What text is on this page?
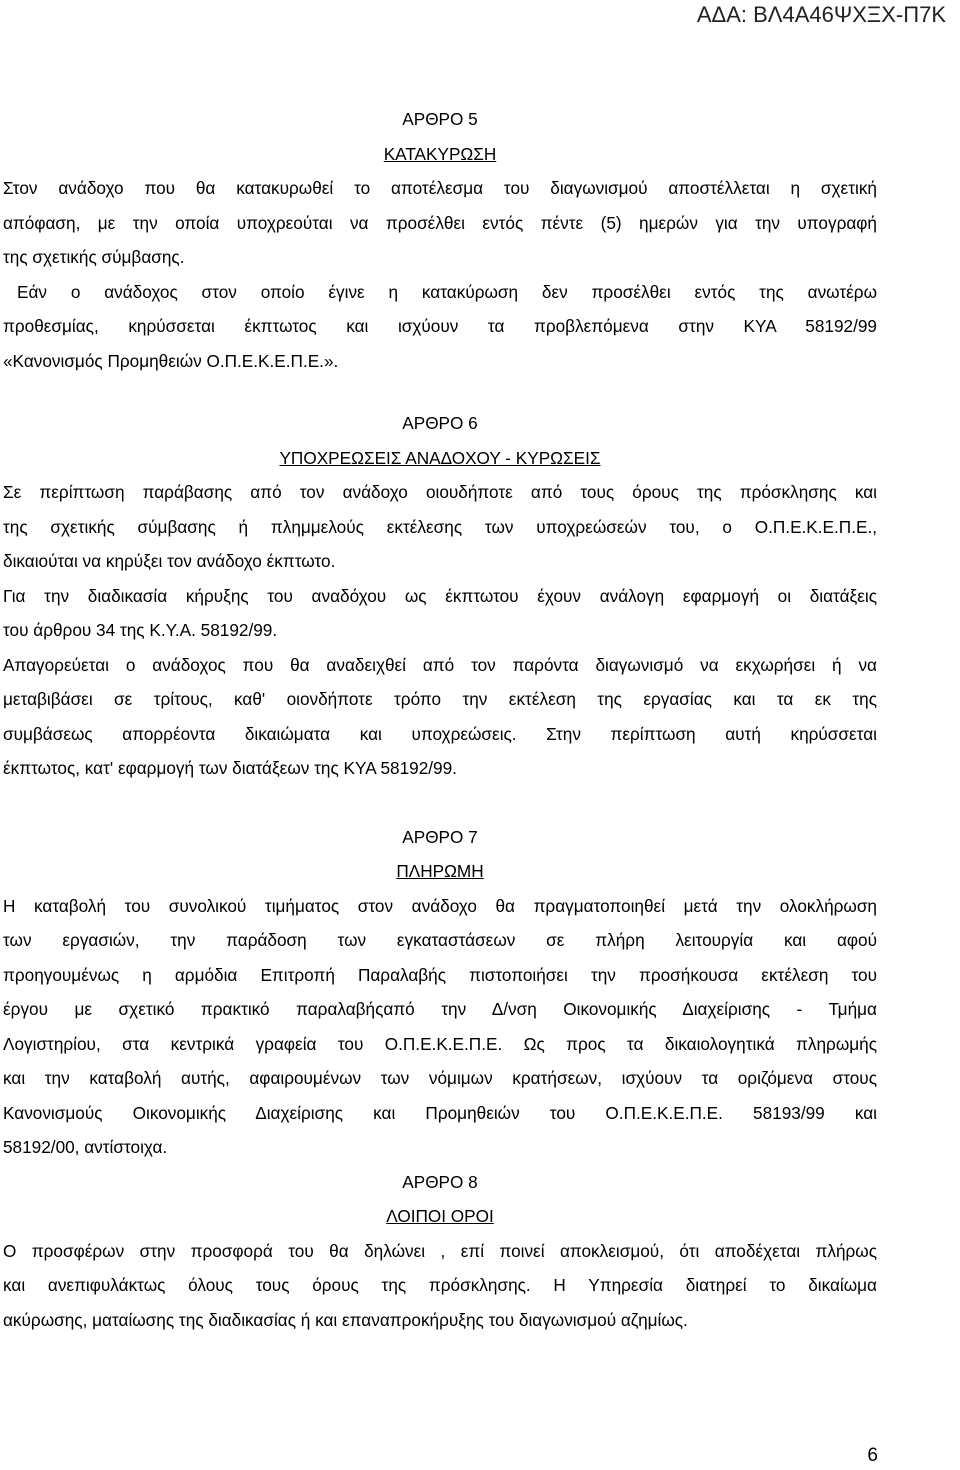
ΑΔΑ: ΒΛ4Α46ΨΧΞΧ-Π7Κ

ΑΡΘΡΟ 5

ΚΑΤΑΚΥΡΩΣΗ

Στον ανάδοχο που θα κατακυρωθεί το αποτέλεσμα του διαγωνισμού αποστέλλεται η σχετική
απόφαση, με την οποία υποχρεούται να προσέλθει εντός πέντε (5) ημερών για την υπογραφή
της σχετικής σύμβασης.

Εάν ο ανάδοχος στον οποίο έγινε η κατακύρωση δεν προσέλθει εντός της ανωτέρω

προθεσμίας, κηρύσσεται έκπτωτος και ισχύουν τα προβλεπόμενα στην ΚΥΑ 58192/99
«Κανονισμός Προμηθειών Ο.Π.Ε.Κ.Ε.Π.Ε.».

ΑΡΘΡΟ 6

ΥΠΟΧΡΕΩΣΕΙΣ ΑΝΑΔΟΧΟΥ - ΚΥΡΩΣΕΙΣ

Σε περίπτωση παράβασης από τον ανάδοχο οιουδήποτε από τους όρους της πρόσκλησης και
της σχετικής σύμβασης ή πλημμελούς εκτέλεσης των υποχρεώσεών του, ο Ο.Π.Ε.Κ.Ε.Π.Ε.,
δικαιούται να κηρύξει τον ανάδοχο έκπτωτο.

Για την διαδικασία κήρυξης του αναδόχου ως έκπτωτου έχουν ανάλογη εφαρμογή οι διατάξεις
του άρθρου 34 της Κ.Υ.Α. 58192/99.

Απαγορεύεται ο ανάδοχος που θα αναδειχθεί από τον παρόντα διαγωνισμό να εκχωρήσει ή να
μεταβιβάσει σε τρίτους, καθ' οιονδήποτε τρόπο την εκτέλεση της εργασίας και τα εκ της
συμβάσεως απορρέοντα δικαιώματα και υποχρεώσεις. Στην περίπτωση αυτή κηρύσσεται
έκπτωτος, κατ' εφαρμογή των διατάξεων της ΚΥΑ 58192/99.

ΑΡΘΡΟ 7

ΠΛΗΡΩΜΗ

Η καταβολή του συνολικού τιμήματος στον ανάδοχο θα πραγματοποιηθεί μετά την ολοκλήρωση
των εργασιών, την παράδοση των εγκαταστάσεων σε πλήρη λειτουργία και αφού
προηγουμένως η αρμόδια Επιτροπή Παραλαβής πιστοποιήσει την προσήκουσα εκτέλεση του
έργου με σχετικό πρακτικό παραλαβήςαπό την Δ/νση Οικονομικής Διαχείρισης - Τμήμα
Λογιστηρίου, στα κεντρικά γραφεία του Ο.Π.Ε.Κ.Ε.Π.Ε. Ως προς τα δικαιολογητικά πληρωμής
και την καταβολή αυτής, αφαιρουμένων των νόμιμων κρατήσεων, ισχύουν τα οριζόμενα στους
Κανονισμούς Οικονομικής Διαχείρισης και Προμηθειών του Ο.Π.Ε.Κ.Ε.Π.Ε. 58193/99 και
58192/00, αντίστοιχα.

ΑΡΘΡΟ 8

ΛΟΙΠΟΙ ΟΡΟΙ

Ο προσφέρων στην προσφορά του θα δηλώνει , επί ποινεί αποκλεισμού, ότι αποδέχεται πλήρως
και ανεπιφυλάκτως όλους τους όρους της πρόσκλησης. Η Υπηρεσία διατηρεί το δικαίωμα
ακύρωσης, ματαίωσης της διαδικασίας ή και επαναπροκήρυξης του διαγωνισμού αζημίως.

6
